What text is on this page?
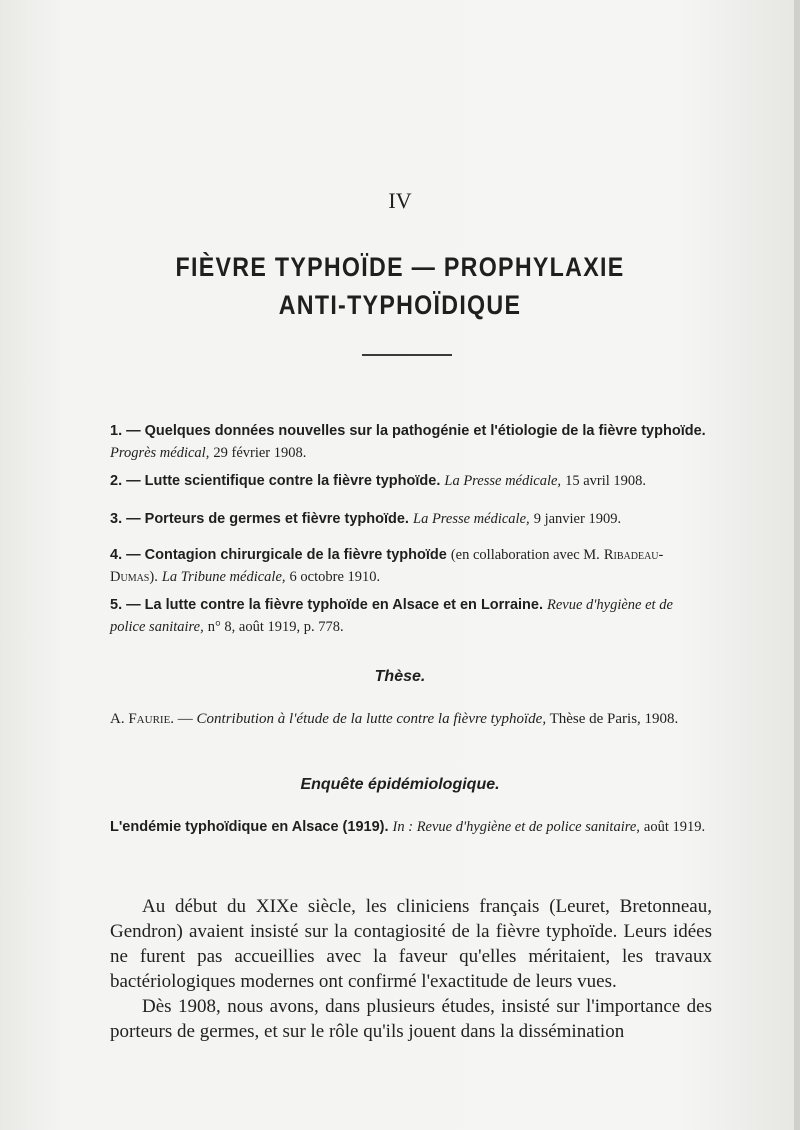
IV
FIÈVRE TYPHOÏDE — PROPHYLAXIE
ANTI-TYPHOÏDIQUE
1. — Quelques données nouvelles sur la pathogénie et l'étiologie de la fièvre typhoïde. Progrès médical, 29 février 1908.
2. — Lutte scientifique contre la fièvre typhoïde. La Presse médicale, 15 avril 1908.
3. — Porteurs de germes et fièvre typhoïde. La Presse médicale, 9 janvier 1909.
4. — Contagion chirurgicale de la fièvre typhoïde (en collaboration avec M. Ribadeau-Dumas). La Tribune médicale, 6 octobre 1910.
5. — La lutte contre la fièvre typhoïde en Alsace et en Lorraine. Revue d'hygiène et de police sanitaire, n° 8, août 1919, p. 778.
Thèse.
A. Faurie. — Contribution à l'étude de la lutte contre la fièvre typhoïde, Thèse de Paris, 1908.
Enquête épidémiologique.
L'endémie typhoïdique en Alsace (1919). In : Revue d'hygiène et de police sanitaire, août 1919.
Au début du XIXe siècle, les cliniciens français (Leuret, Bretonneau, Gendron) avaient insisté sur la contagiosité de la fièvre typhoïde. Leurs idées ne furent pas accueillies avec la faveur qu'elles méritaient, les travaux bactériologiques modernes ont confirmé l'exactitude de leurs vues.
Dès 1908, nous avons, dans plusieurs études, insisté sur l'importance des porteurs de germes, et sur le rôle qu'ils jouent dans la dissémination
